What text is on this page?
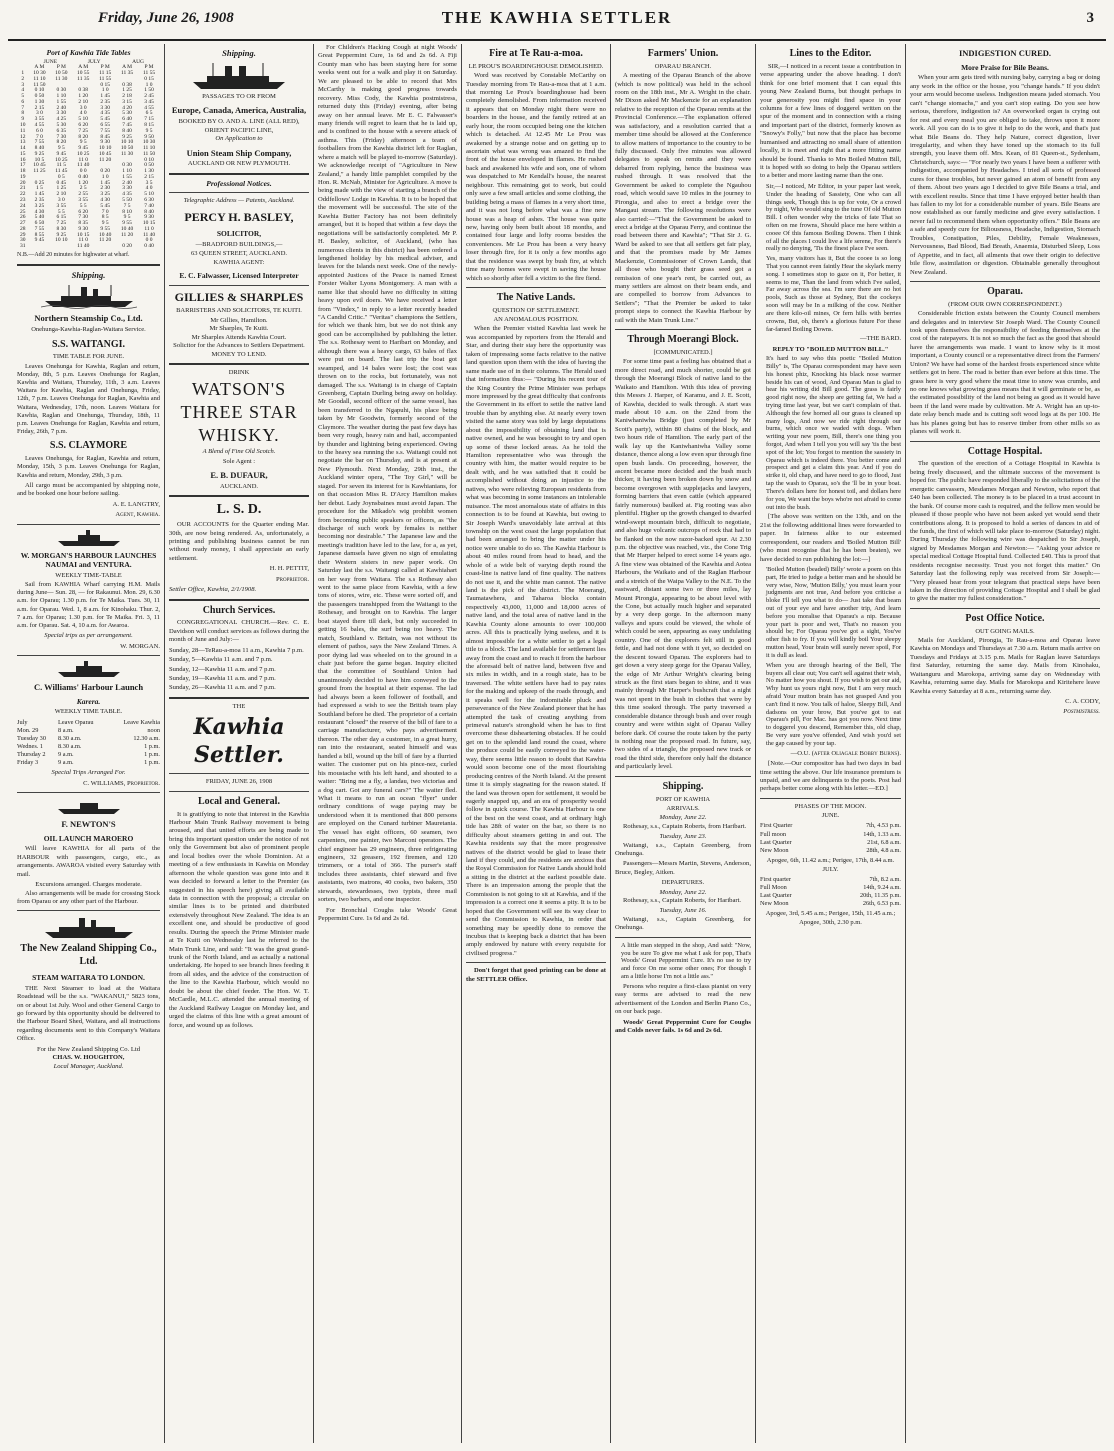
Friday, June 26, 1908	THE KAWHIA SETTLER	3
Port of Kawhia Tide Tables
	JUNE		JULY		AUG	
	A M	P M	A M	P M	A M	P M
1	10 30	10 50	10 55	11 15	11 35	11 55
2	11 10	11 30	11 35	11 55		0 15
3	11 50			0 15	0 38	1 0
4	0 10	0 30	0 38	1 0	1 25	1 50
5	0 50	1 10	1 20	1 45	2 18	2 45
6	1 30	1 55	2 10	2 35	3 15	3 45
7	2 15	2 40	3 0	3 30	4 20	4 55
8	3 0	3 30	4 0	4 35	5 30	6 5
9	3 55	4 25	5 10	5 45	6 40	7 15
10	4 55	5 30	6 20	6 55	7 45	8 15
11	6 0	6 35	7 25	7 55	8 40	9 5
12	7 0	7 30	8 20	8 45	9 25	9 50
13	7 55	8 20	9 5	9 30	10 10	10 30
14	8 40	9 5	9 45	10 10	10 50	11 10
15	9 25	9 45	10 25	10 45	11 30	11 50
16	10 5	10 25	11 0	11 20		0 10
17	10 45	11 5	11 40		0 30	0 50
18	11 25	11 45	0 0	0 20	1 10	1 30
19		0 5	0 40	1 0	1 55	2 15
20	0 25	0 45	1 20	1 45	2 40	3 5
21	1 5	1 25	2 5	2 30	3 30	4 0
22	1 45	2 10	2 55	3 25	4 35	5 10
23	2 35	3 0	3 55	4 30	5 50	6 30
24	3 25	3 55	5 5	5 45	7 5	7 40
25	4 30	5 5	6 20	7 0	8 10	8 40
26	5 40	6 15	7 30	8 5	9 5	9 30
27	6 50	7 25	8 35	9 5	9 55	10 15
28	7 55	8 30	9 30	9 55	10 40	11 0
29	8 55	9 25	10 15	10 40	11 20	11 40
30	9 45	10 10	11 0	11 20		0 0
31			11 40		0 20	0 40
N.B.—Add 20 minutes for highwater at wharf.
Shipping.
Northern Steamship Co., Ltd.
Onehunga-Kawhia-Raglan-Waitara Service.
S.S. WAITANGI.
TIME TABLE FOR JUNE.

Leaves Onehunga for Kawhia, Raglan and return, Monday, 8th, 5 p.m. Leaves Onehunga for Raglan, Kawhia and Waitara, Thursday, 11th, 3 a.m. Leaves Waitara for Kawhia, Raglan and Onehunga, Friday, 12th, 7 p.m. Leaves Onehunga for Raglan, Kawhia and Waitara, Wednesday, 17th, noon. Leaves Waitara for Kawhia, Raglan and Onehunga, Thursday, 18th, 11 p.m. Leaves Onehunga for Raglan, Kawhia and return, Friday, 26th, 7 p.m.

S.S. CLAYMORE

Leaves Onehunga, for Raglan, Kawhia and return, Monday, 15th, 3 p.m. Leaves Onehunga for Raglan, Kawhia and return, Monday, 29th, 3 p.m.

All cargo must be accompanied by shipping note, and be booked one hour before sailing.

A. E. LANGTRY,
Agent, Kawhia.
W. MORGAN'S HARBOUR LAUNCHES NAUMAI and VENTURA.
WEEKLY TIME-TABLE

Sail from KAWHIA Wharf carrying H.M. Mails during June— Sun. 28, — for Rakaunui. Mon. 29, 6.30 a.m. for Oparau; 1.30 p.m. for Te Maika. Tues. 30, 11 a.m. for Oparau. Wed. 1, 8 a.m. for Kinohaku. Thur. 2, 7 a.m. for Oparau; 1.30 p.m. for Te Maika. Fri. 3, 11 a.m. for Oparau. Sat. 4, 10 a.m. for Awaroa.

Special trips as per arrangement.
W. MORGAN.
C. Williams' Harbour Launch
Karera.
WEEKLY TIME TABLE.
July	Leave Oparau	Leave Kawhia
Mon. 29	8 a.m.	noon
Tuesday 30	8.30 a.m.	12.30 a.m.
Wednes. 1	8.30 a.m.	1 p.m.
Thursday 2	9 a.m.	1 p.m.
Friday 3	9 a.m.	1 p.m.
Special Trips Arranged For.
C. WILLIAMS, Proprietor.
F. NEWTON'S
OIL LAUNCH MAROERO

Will leave KAWHIA for all parts of the HARBOUR with passengers, cargo, etc., as arrangements. AWAROA visited every Saturday with mail.

Excursions arranged. Charges moderate.

Also arrangements will be made for crossing Stock from Oparau or any other part of the Harbour.

The New Zealand Shipping Co., Ltd.
STEAM WAITARA TO LONDON.

THE Next Steamer to load at the Waitara Roadstead will be the s.s. "WAKANUI," 5823 tons, on or about 1st July. Wool and other General Cargo to go forward by this opportunity should be delivered to the Harbour Board Shed, Waitara, and all instructions regarding documents sent to this Company's Waitara Office.

For the New Zealand Shipping Co. Ltd
CHAS. W. HOUGHTON,
Local Manager, Auckland.
Shipping.
PASSAGES TO OR FROM
Europe, Canada, America, Australia,
BOOKED BY O. AND A. LINE (ALL RED), ORIENT PACIFIC LINE,
On Application to
Union Steam Ship Company,
AUCKLAND OR NEW PLYMOUTH.
Professional Notices.
Telegraphic Address — Patents, Auckland.
PERCY H. BASLEY,
SOLICITOR,
—BRADFORD BUILDINGS,—
63 QUEEN STREET, AUCKLAND.
KAWHIA AGENT:
E. C. Falwasser, Licensed Interpreter
GILLIES & SHARPLES
BARRISTERS AND SOLICITORS, TE KUITI.
Mr Gillies, Hamilton.
Mr Sharples, Te Kuiti.
Mr Sharples Attends Kawhia Court.
Solicitor for the Advances to Settlers Department.
MONEY TO LEND.
DRINK
WATSON'S
THREE STAR
WHISKY.
A Blend of Fine Old Scotch.
Sole Agent :
E. B. DUFAUR,
AUCKLAND.
L. S. D.

OUR ACCOUNTS for the Quarter ending Mar. 30th, are now being rendered. As, unfortunately, a printing and publishing business cannot be run without ready money, I shall appreciate an early settlement.

H. H. PETTIT,
Proprietor.
Settler Office, Kawhia, 2/1/1908.
Church Services.

CONGREGATIONAL CHURCH.—Rev. C. E. Davidson will conduct services as follows during the month of June and July:—

Sunday, 28—TeRau-a-moa 11 a.m., Kawhia 7 p.m.
Sunday, 5—Kawhia 11 a.m. and 7 p.m.
Sunday, 12—Kawhia 11 a.m. and 7 p.m.
Sunday, 19—Kawhia 11 a.m. and 7 p.m.
Sunday, 26—Kawhia 11 a.m. and 7 p.m.
THE
Kawhia Settler.
FRIDAY, JUNE 26, 1908
Local and General.

It is gratifying to note that interest in the Kawhia Harbour Main Trunk Railway movement is being aroused, and that united efforts are being made to bring this important question under the notice of not only the Government but also of prominent people and local bodies over the whole Dominion. At a meeting of a few enthusiasts in Kawhia on Monday afternoon the whole question was gone into and it was decided to forward a letter to the Premier (as suggested in his speech here) giving all available data in connection with the proposal; a circular on similar lines is to be printed and distributed extensively throughout New Zealand. The idea is an excellent one, and should be productive of good results. During the speech the Prime Minister made at Te Kuiti on Wednesday last he referred to the Main Trunk Line, and said: "It was the great grand-trunk of the North Island, and as actually a national undertaking. He hoped to see branch lines feeding it from all sides, and the advice of the construction of the line to the Kawhia Harbour, which would no doubt be about the chief feeder. The Hon. W. T. McCardle, M.L.C. attended the annual meeting of the Auckland Railway League on Monday last, and urged the claims of this line with a great amount of force, and wound up as follows.

For Children's Hacking Cough at night Woods' Great Peppermint Cure, 1s 6d and 2s 6d. A Fiji County man who has been staying here for some weeks went out for a walk and play it on Saturday. We are pleased to be able to record that Mrs McCarthy is making good progress towards recovery. Miss Cody, the Kawhia postmistress, returned duty this (Friday) evening, after being away on her annual leave. Mr E. C. Falwasser's many friends will regret to learn that he is laid up, and is confined to the house with a severe attack of asthma. This (Friday) afternoon a team of footballers from the Kawhia district left for Raglan, where a match will be played to-morrow (Saturday). We acknowledge receipt of "Agriculture in New Zealand," a handy little pamphlet compiled by the Hon. R. McNab, Minister for Agriculture. A move is being made with the view of starting a branch of the Oddfellows' Lodge in Kawhia. It is to be hoped that the movement will be successful. The site of the Kawhia Butter Factory has not been definitely arranged, but it is hoped that within a few days the negotiations will be satisfactorily completed. Mr P. H. Basley, solicitor, of Auckland, (who has numerous clients in this district) has been ordered a lengthened holiday by his medical adviser, and leaves for the Islands next week. One of the newly-appointed Justices of the Peace is named Ernest Forster Walter Lyons Montgomery. A man with a name like that should have no difficulty in sitting heavy upon evil doers. We have received a letter from "Vindex," in reply to a letter recently headed "A Candid Critic." "Veritas" champions the Settlers, for which we thank him, but we do not think any good can be accomplished by publishing the letter. The s.s. Rothesay went to Haribart on Monday, and although there was a heavy cargo, 63 bales of flax were put on board. The last trip the boat got swamped, and 14 bales were lost; the cost was thrown on to the rocks, but fortunately, was not damaged. The s.s. Waitangi is in charge of Captain Greenberg, Captain Durling being away on holiday. Mr Goodall, second officer of the same vessel, has been transferred to the Ngapuhi, his place being taken by Mr Goodwin, formerly second of the Claymore. The weather during the past few days has been very rough, heavy rain and hail, accompanied by thunder and lightning being experienced. Owing to the heavy sea running the s.s. Waitangi could not negotiate the bar on Thursday, and is at present at New Plymouth. Next Monday, 29th inst., the Auckland winter opera, "The Toy Girl," will be staged. For seven its interest for is Kawhianians, for on that occasion Miss R. D'Arcy Hamilton makes her debut. Lady Joynsbaines must avoid Japan. The procedure for the Mikado's wig prohibit women from becoming public speakers or officers, as "the discharge of such work by females is neither becoming nor desirable." The Japanese law and the meeting's tradition have led to the law, for a, as yet, Japanese damsels have given no sign of emulating their Western sisters in new paper work. On Saturday last the s.s. Waitangi called at Kawhiahart on her way from Waitara. The s.s Rothesay also went to the same place from Kawhia, with a few tons of stores, wire, etc. These were sorted off, and the passengers transhipped from the Waitangi to the Rothesay, and brought on to Kawhia. The larger boat stayed there till dark, but only succeeded in getting 16 bales, the surf being too heavy. The match, Southland v. Britain, was not without its element of pathos, says the New Zealand Times. A poor dying lad was wheeled on to the ground in a chair just before the game began. Inquiry elicited that the committee of Southland Union had unanimously decided to have him conveyed to the ground from the hospital at their expense. The lad had always been a keen follower of football, and had expressed a wish to see the British team play Southland before he died. The proprietor of a certain restaurant "closed" the reserve of the bill of fare to a carriage manufacturer, who pays advertisement thereon. The other day a customer, in a great hurry, ran into the restaurant, seated himself and was handed a bill, wound up the bill of fare by a flurried waiter. The customer put on his pince-nez, curled his moustache with his left hand, and shouted to a waiter: "Bring me a fly, a landau, two victorias and a dog cart. Got any funeral cars?" The waiter fled. What it means to run an ocean "flyer" under ordinary conditions of wage paying may be understood when it is mentioned that 800 persons are employed on the Cunard turbiner Mauretania. The vessel has eight officers, 60 seamen, two carpenters, one painter, two Marconi operators. The chief engineer has 29 engineers, three refrigerating engineers, 32 greasers, 192 firemen, and 120 trimmers, or a total of 366. The purser's staff includes three assistants, chief steward and five assistants, two matrons, 40 cooks, two bakers, 350 stewards, stewardesses, two typists, three mail sorters, two barbers, and one inspector.

For Bronchial Coughs take Woods' Great Peppermint Cure. 1s 6d and 2s 6d.

Fire at Te Rau-a-moa.
LE PROU'S BOARDINGHOUSE DEMOLISHED.

Word was received by Constable McCarthy on Tuesday morning from Te Rau-a-moa that at 1 a.m. that morning Le Prou's boardinghouse had been completely demolished. From information received it appears that on Monday night there were no boarders in the house, and the family retired at an early hour, the room occupied being one the kitchen which is detached. At 12.45 Mr Le Prou was awakened by a strange noise and on getting up to ascertain what was wrong was amazed to find the front of the house enveloped in flames. He rushed back and awakened his wife and son, one of whom was despatched to Mr Kendall's house, the nearest neighbour. This remaining got to work, but could only save a few small articles and some clothing, the building being a mass of flames in a very short time, and it was not long before what was a fine new house was a heap of ashes. The house was quite new, having only been built about 18 months, and contained four large and lofty rooms besides the conveniences. Mr Le Prou has been a very heavy loser through fire, for it is only a few months ago that the residence was swept by bush fire, at which time many homes were swept in saving the house which so shortly after fell a victim to the fire fiend.

The Native Lands.
QUESTION OF SETTLEMENT.
AN ANOMALOUS POSITION.

When the Premier visited Kawhia last week he was accompanied by reporters from the Herald and Star, and during their stay here the opportunity was taken of impressing some facts relative to the native land question upon them with the idea of having the same made use of in their columns. The Herald used that information thus:— "During his recent tour of the King Country the Prime Minister was perhaps more impressed by the great difficulty that confronts the Government in its effort to settle the native land trouble than by anything else. At nearly every town visited the same story was told by large deputations about the impossibility of obtaining land that is native owned, and he was besought to try and open up some of these locked areas. As he told the Hamilton representative who was through the country with him, the matter would require to be dealt with, and he was satisfied that it could be accomplished without doing an injustice to the natives, who were relieving European residents from what was becoming in some instances an intolerable nuisance. The most anomalous state of affairs in this connection is to be found at Kawhia, but owing to Sir Joseph Ward's unavoidably late arrival at this township on the west coast the large population that had been arranged to bring the matter under his notice were unable to do so. The Kawhia Harbour is about 40 miles round from head to head, and the whole of a wide belt of varying depth round the coast-line is native land of fine quality. The natives do not use it, and the white man cannot. The native land is the pick of the district. The Moerangi, Taumatawhera, and Taharoa blocks contain respectively 43,000, 11,000 and 18,000 acres of native land, and the total area of native land in the Kawhia County alone amounts to over 100,000 acres. All this is practically lying useless, and it is almost impossible for a white settler to get a legal title to a block. The land available for settlement lies away from the coast and to reach it from the harbour the aforesaid belt of native land, between five and six miles in width, and in a rough state, has to be traversed. The white settlers have had to pay rates for the making and upkeep of the roads through, and it speaks well for the indomitable pluck and perseverance of the New Zealand pioneer that he has attempted the task of creating anything from primeval nature's stronghold when he has to first overcome these disheartening obstacles. If he could get on to the splendid land round the coast, where the produce could be easily conveyed to the water-way, there seems little reason to doubt that Kawhia would soon become one of the most flourishing producing centres of the North Island. At the present time it is simply stagnating for the reason stated. If the land was thrown open for settlement, it would be eagerly snapped up, and an era of prosperity would follow in quick course. The Kawhia Harbour is one of the best on the west coast, and at ordinary high tide has 28ft of water on the bar, so there is no difficulty about steamers getting in and out. The Kawhia residents say that the more progressive natives of the district would be glad to lease their land if they could, and the residents are anxious that the Royal Commission for Native Lands should hold a sitting in the district at the earliest possible date. There is an impression among the people that the Commission is not going to sit at Kawhia, and if the impression is a correct one it seems a pity. It is to be hoped that the Government will see its way clear to send the Commission to Kawhia, in order that something may be speedily done to remove the incubus that is keeping back a district that has been amply endowed by nature with every requisite for civilised progress."

Don't forget that good printing can be done at the SETTLER Office.

Farmers' Union.
OPARAU BRANCH.

A meeting of the Oparau Branch of the above (which is now political) was held in the school room on the 18th inst., Mr A. Wright in the chair. Mr Dixon asked Mr Mackenzie for an explanation relative to the reception of the Oparau remits at the Provincial Conference.—The explanation offered was satisfactory, and a resolution carried that a member time should be allowed at the Conference to allow matters of importance to the country to be fully discussed. Only five minutes was allowed delegates to speak on remits and they were debarred from replying, hence the business was rushed through. It was resolved that the Government be asked to complete the Ngauhou road, which would save 10 miles in the journey to Pirongia, and also to erect a bridge over the Mangaui stream. The following resolutions were also carried:—"That the Government be asked to erect a bridge at the Oparau Ferry, and continue the road between there and Kawhia"; "That Sir J. G. Ward be asked to see that all settlers get fair play, and that the promises made by Mr James Mackenzie, Commissioner of Crown Lands, that all those who bought their grass seed got a remission of one year's rent, be carried out, as many settlers are almost on their beam ends, and are compelled to borrow from Advances to Settlers"; "That the Premier be asked to take prompt steps to connect the Kawhia Harbour by rail with the Main Trunk Line."

Through Moerangi Block.
[COMMUNICATED.]

For some time past a feeling has obtained that a more direct road, and much shorter, could be got through the Moerangi Block of native land to the Waikato and Hamilton. With this idea of proving this Messrs J. Harper, of Karamu, and J. E. Scott, of Kawhia, decided to walk through. A start was made about 10 a.m. on the 22nd from the Kaniwhaniwha Bridge (just completed by Mr Scott's party), within 80 chains of the block, and two hours ride of Hamilton. The early part of the walk lay up the Kaniwhaniwha Valley some distance, thence along a low even spur through fine open bush lands. On proceeding, however, the ascent became more decided and the bush much thicker, it having been broken down by snow and become overgrown with supplejacks and lawyers, forming barriers that even cattle (which appeared fairly numerous) baulked at. Fig rooting was also plentiful. Higher up the growth changed to dwarfed wind-swept mountain birch, difficult to negotiate, and also huge volcanic outcrops of rock that had to be flanked on the now razor-backed spur. At 2.30 p.m. the objective was reached, viz., the Cone Trig that Mr Harper helped to erect some 14 years ago. A fine view was obtained of the Kawhia and Aotea Harbours, the Waikato and of the Raglan Harbour and a stretch of the Waipa Valley to the N.E. To the eastward, distant some two or three miles, lay Mount Pirongia, appearing to be about level with the Cone, but actually much higher and separated by a very deep gorge. In the afternoon many valleys and spurs could be viewed, the whole of which could be seen, appearing as easy undulating country. One of the explorers felt still in good fettle, and had not done with it yet, so decided on the descent toward Oparau. The explorers had to get down a very steep gorge for the Oparau Valley, the edge of Mr Arthur Wright's clearing being struck as the first stars began to shine, and it was mainly through Mr Harper's bushcraft that a night was not spent in the bush in clothes that were by this time soaked through. The party traversed a considerable distance through bush and over rough country and were within sight of Oparau Valley before dark. Of course the route taken by the party is nothing near the proposed road. In future, say, two sides of a triangle, the proposed new track or road the third side, therefore only half the distance and particularly level.

Shipping.
PORT OF KAWHIA
ARRIVALS.
Monday, June 22.

Rothesay, s.s., Captain Roberts, from Haribart.

Tuesday, June 23.

Waitangi, s.s., Captain Greenberg, from Onehunga.

Passengers—Messrs Martin, Stevens, Anderson, Bruce, Begley, Aitken.

DEPARTURES.
Monday, June 22.

Rothesay, s.s., Captain Roberts, for Haribart.

Tuesday, June 16.

Waitangi, s.s., Captain Greenberg, for Onehunga.

A little man stepped in the shop, And said: "Now, you be sure To give me what I ask for pop, That's Woods' Great Peppermint Cure. It's no use to try and force On me some other ones; For though I am a little horse I'm not a little ass."

Persons who require a first-class pianist on very easy terms are advised to read the new advertisement of the London and Berlin Piano Co., on our back page.

Woods' Great Peppermint Cure for Coughs and Colds never fails. 1s 6d and 2s 6d.

Lines to the Editor.

SIR,—I noticed in a recent issue a contribution in verse appearing under the above heading. I don't think for one brief moment that I can equal this young New Zealand Burns, but thought perhaps in your generosity you might find space in your columns for a few lines of doggerel written on the spur of the moment and in connection with a rising and important part of the district, formerly known as "Snowy's Folly," but now that the place has become humanised and attracting no small share of attention locally, it is meet and right that a more fitting name should be found. Thanks to Mrs Boiled Mutton Bill, it is hoped with so doing to help the Oparau settlers to a better and more lasting name than the one.

Sir,—I noticed, Mr Editor, in your paper last week, Under the heading of Sassiety, One who can all things seek, Though this is up for vote, Or a crowd by night, Who would sing to the tune Of old Mutton Bill. I often wonder why the tricks of fate That so often on me frowns, Should place me here within a cooee Of this famous Boiling Downs. Then I think of all the places I could live a life serene, For there's really no denying, 'Tis the finest place I've seen.

Yes, many visitors has it, But the cooee is so long That you cannot even faintly Hear the skylark merry song. I sometimes stop to gaze on it, For better, it seems to me, Than the land from which I've sailed, Far away across the sea. I'm sure there are no hot pools, Such as those at Sydney, But the cockeys soon will may be In a milking of the cow. Neither are there kilo-oil mines, Or fern hills with berries crowns, But, oh, there's a glorious future For these far-famed Boiling Downs.

—THE BARD.
REPLY TO "BOILED MUTTON BILL."

It's hard to say who this poetic "Boiled Mutton Billy" is, The Oparau correspondent may have seen his honest phiz, Knocking his black nose warmer beside his can of wood, And Oparau Man is glad to hear his writing did Bill good. The grass is fairly good right now, the sheep are getting fat, We had a trying time last year, but we can't complain of that. Although the few horned all our grass is cleaned up many logs, And now we ride right through our burns, which once we waded with dogs. When writing your new poem, Bill, there's one thing you forgot, And when I tell you you will say 'tis the best spot of the lot; You forgot to mention the sassiety in Oparau which is indeed there. You better come and prospect and get a claim this year. And if you do strike it, old chap, and have need to go to flood, Just tap the wash to Oparau, so's the 'll be in your boat. There's dollars here for honest toil, and dollars here for you, We want the boys who're not afraid to come out into the bush.

[The above was written on the 13th, and on the 21st the following additional lines were forwarded to paper. In fairness alike to our esteemed correspondent, our readers and 'Boiled Mutton Bill' (who must recognise that he has been beaten), we have decided to run publishing the lot:—]

'Boiled Mutton (beaded) Billy' wrote a poem on this part, He tried to judge a better man and he should be very wise, Now, 'Mutton Billy,' you must learn your judgments are not true, And before you criticise a bloke I'll tell you what to do— Just take that beam out of your eye and have another trip, And learn before you moralise that Oparau's a nip. Because your part is poor and wet, That's no reason you should be; For Oparau you've got a sight, You've other fish to fry. If you will kindly boil Your sleepy mutton head, Your brain will surely never spoil, For it is dull as lead.

When you are through hearing of the Bell, The buyers all clear out; You can't sell against their wish, No matter how you shout. If you wish to get our aid, Why hunt us yours right now, But I am very much afraid Your mutton brain has not grasped And you can't find it now. You talk of haloe, Sleepy Bill, And dadsons on your brow, But you've got to eat Oparau's pill, For Mac. has got you now. Next time to doggerel you descend, Remember this, old chap, Be very sure you've offended, And wish you'd set the gap caused by your tap.

—O.U. (after Oliagale Bobby Burns).

[Note.—Our compositor has had two days in bad time setting the above. Our life insurance premium is unpaid, and we are delinquents to the poets. Post had perhaps better come along with his letter.—ED.]

PHASES OF THE MOON.
JUNE.
First Quarter	7th, 4.53 p.m.
Full moon	14th, 1.33 a.m.
Last Quarter	21st, 6.8 a.m.
New Moon	28th, 4.8 a.m.
Apogee, 6th, 11.42 a.m.; Perigee, 17th, 8.44 a.m.
JULY.
First quarter	7th, 8.2 a.m.
Full Moon	14th, 9.24 a.m.
Last Quarter	20th, 11.35 p.m.
New Moon	26th, 6.53 p.m.
Apogee, 3rd, 5.45 a.m.; Perigee, 15th, 11.45 a.m.; Apogee, 30th, 2.30 p.m.
INDIGESTION CURED.
More Praise for Bile Beans.

When your arm gets tired with nursing baby, carrying a bag or doing any work in the office or the house, you "change hands." If you didn't your arm would become useless. Indigestion means jaded stomach. You can't "change stomachs," and you can't stop eating. Do you see how serious, therefore, indigestion is? An overworked organ is crying out for rest and every meal you are obliged to take, throws upon it more work. All you can do is to give it help to do the work, and that's just what Bile Beans do. They help Nature, correct digestion, liver irregularity, and when they have toned up the stomach to its full strength, you leave them off. Mrs. Kean, of 81 Queen-st., Sydenham, Christchurch, says:— "For nearly two years I have been a sufferer with indigestion, accompanied by Headaches. I tried all sorts of professed cures for these troubles, but never gained an atom of benefit from any of them. About two years ago I decided to give Bile Beans a trial, and with excellent results. Since that time I have enjoyed better health than has fallen to my lot for a considerable number of years. Bile Beans are now established as our family medicine and give every satisfaction. I never fail to recommend them when opportunity offers." Bile Beans are a safe and speedy cure for Biliousness, Headache, Indigestion, Stomach Troubles, Constipation, Piles, Debility, Female Weaknesses, Nervousness, Bad Blood, Bad Breath, Anaemia, Disturbed Sleep, Loss of Appetite, and in fact, all ailments that owe their origin to defective bile flow, assimilation or digestion. Obtainable generally throughout New Zealand.

Oparau.
(FROM OUR OWN CORRESPONDENT.)

Considerable friction exists between the County Council members and delegates and in interview Sir Joseph Ward. The County Council took upon themselves the responsibility of feeding themselves at the cost of the ratepayers. It is not so much the fact as the good that should have the arrangements was made. I want to know why is it most important, a County council or a representative direct from the Farmers' Union? We have had some of the hardest frosts experienced since white settlers got in here. The road is better than ever before at this time. The grass here is very good where the meat time to snow was crumbs, and no one knows what growing grass means that it will germinate or be, as the estimated possibility of the land not being as good as it would have been if the land were made by cultivation. Mr A. Wright has an up-to-date relay bench made and is cutting soft wood logs at 8s per 100. He has his planes going but has to reserve timber from other mills so as planes will work it.

Cottage Hospital.

The question of the erection of a Cottage Hospital in Kawhia is being freely discussed, and the ultimate success of the movement is hoped for. The public have responded liberally to the solicitations of the energetic canvassers, Mesdames Morgan and Newton, who report that £40 has been collected. The money is to be placed in a trust account in the bank. Of course more cash is required, and the fellow men would be pleased if those people who have not been asked yet would send their contributions along. It is proposed to hold a series of dances in aid of the funds, the first of which will take place to-morrow (Saturday) night. During Thursday the following wire was despatched to Sir Joseph, signed by Mesdames Morgan and Newton:— "Asking your advice re special medical Cottage Hospital fund. Collected £40. This is proof that residents recognise necessity. Trust you not forget this matter." On Saturday last the following reply was received from Sir Joseph:— "Very pleased hear from your telegram that practical steps have been taken in the direction of providing Cottage Hospital and I shall be glad to give the matter my fullest consideration."

Post Office Notice.
OUT GOING MAILS.

Mails for Auckland, Pirongia, Te Rau-a-moa and Oparau leave Kawhia on Mondays and Thursdays at 7.30 a.m. Return mails arrive on Tuesdays and Fridays at 3.15 p.m. Mails for Raglan leave Saturdays first Saturday, returning the same day. Mails from Kinohaku, Waitanguru and Marokopa, arriving same day on Wednesday with Kawhia, returning same day. Mails for Marokopa and Kiritehere leave Kawhia every Saturday at 8 a.m., returning same day.

C. A. CODY,
Postmistress.
